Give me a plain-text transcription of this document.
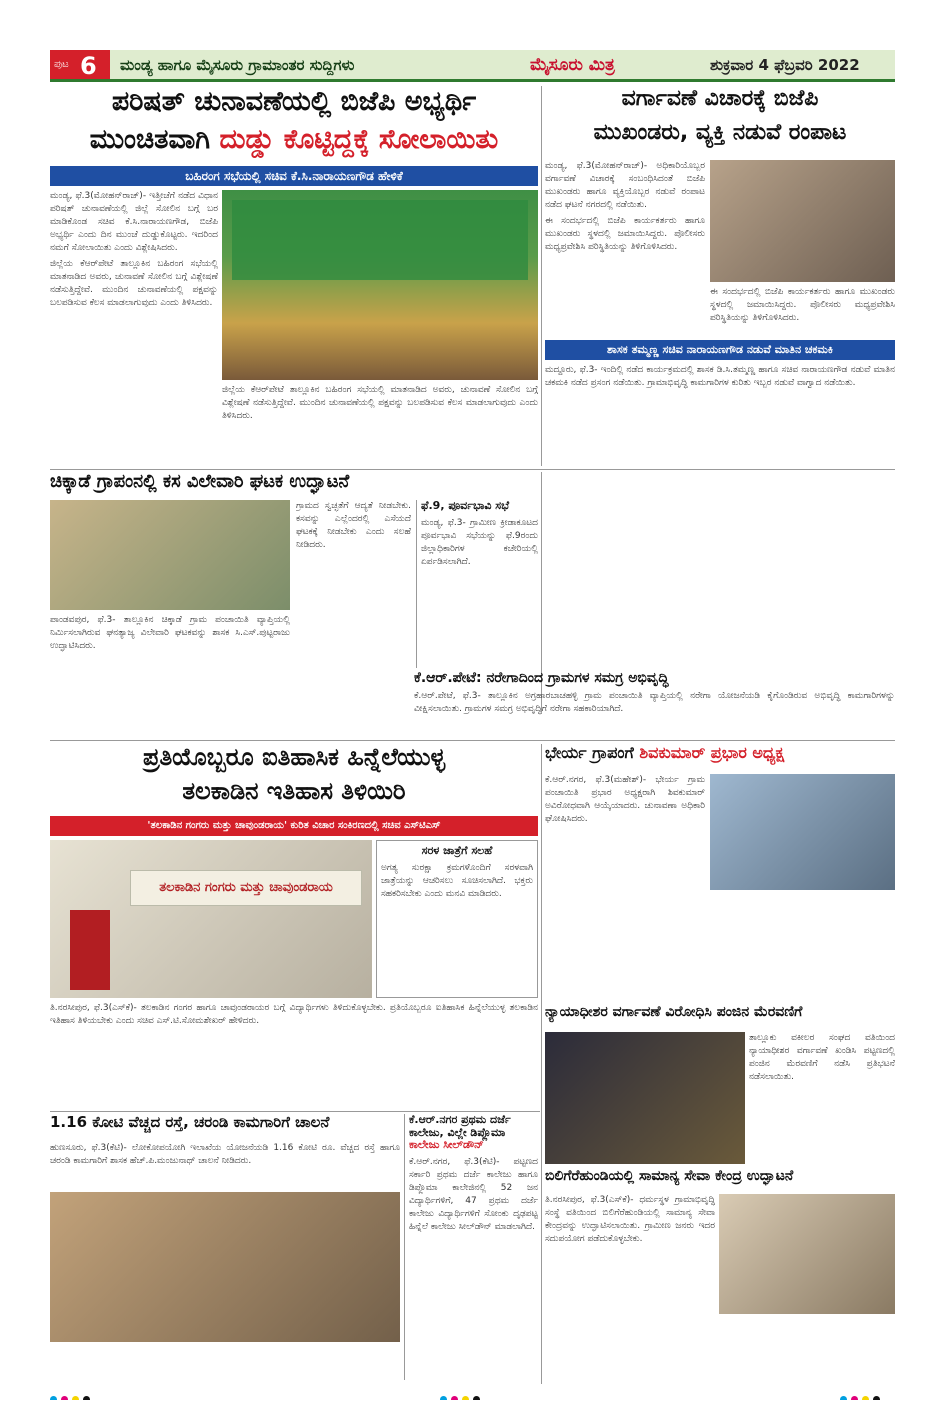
ಪುಟ 6 ಮಂಡ್ಯ ಹಾಗೂ ಮೈಸೂರು ಗ್ರಾಮಾಂತರ ಸುದ್ದಿಗಳು	ಮೈಸೂರು ಮಿತ್ರ	ಶುಕ್ರವಾರ 4 ಫೆಬ್ರವರಿ 2022
ಪರಿಷತ್ ಚುನಾವಣೆಯಲ್ಲಿ ಬಿಜೆಪಿ ಅಭ್ಯರ್ಥಿ
ಮುಂಚಿತವಾಗಿ ದುಡ್ಡು ಕೊಟ್ಟಿದ್ದಕ್ಕೆ ಸೋಲಾಯಿತು
ಬಹಿರಂಗ ಸಭೆಯಲ್ಲಿ ಸಚಿವ ಕೆ.ಸಿ.ನಾರಾಯಣಗೌಡ ಹೇಳಿಕೆ

ಮಂಡ್ಯ, ಫೆ.3(ಮೋಹನ್‌ರಾಜ್)- ಇತ್ತೀಚೆಗೆ ನಡೆದ ವಿಧಾನ ಪರಿಷತ್ ಚುನಾವಣೆಯಲ್ಲಿ ಜಿಲ್ಲೆ ಸೋಲಿನ ಬಗ್ಗೆ ಬರ ಮಾಡಿಕೊಂಡ ಸಚಿವ ಕೆ.ಸಿ.ನಾರಾಯಣಗೌಡ, ಬಿಜೆಪಿ ಅಭ್ಯರ್ಥಿ ಎಂದು ದಿನ ಮುಂಚೆ ದುಡ್ಡುಕೊಟ್ಟರು. ಇದರಿಂದ ನಮಗೆ ಸೋಲಾಯಿತು ಎಂದು ವಿಶ್ಲೇಷಿಸಿದರು.

ಜಿಲ್ಲೆಯ ಕೆಆರ್‌ಪೇಟೆ ತಾಲ್ಲೂಕಿನ ಬಹಿರಂಗ ಸಭೆಯಲ್ಲಿ ಮಾತನಾಡಿದ ಅವರು, ಚುನಾವಣೆ ಸೋಲಿನ ಬಗ್ಗೆ ವಿಶ್ಲೇಷಣೆ ನಡೆಸುತ್ತಿದ್ದೇವೆ. ಮುಂದಿನ ಚುನಾವಣೆಯಲ್ಲಿ ಪಕ್ಷವನ್ನು ಬಲಪಡಿಸುವ ಕೆಲಸ ಮಾಡಲಾಗುವುದು ಎಂದು ತಿಳಿಸಿದರು.

ಜಿಲ್ಲೆಯ ಕೆಆರ್‌ಪೇಟೆ ತಾಲ್ಲೂಕಿನ ಬಹಿರಂಗ ಸಭೆಯಲ್ಲಿ ಮಾತನಾಡಿದ ಅವರು, ಚುನಾವಣೆ ಸೋಲಿನ ಬಗ್ಗೆ ವಿಶ್ಲೇಷಣೆ ನಡೆಸುತ್ತಿದ್ದೇವೆ. ಮುಂದಿನ ಚುನಾವಣೆಯಲ್ಲಿ ಪಕ್ಷವನ್ನು ಬಲಪಡಿಸುವ ಕೆಲಸ ಮಾಡಲಾಗುವುದು ಎಂದು ತಿಳಿಸಿದರು.

ವರ್ಗಾವಣೆ ವಿಚಾರಕ್ಕೆ ಬಿಜೆಪಿ
ಮುಖಂಡರು, ವ್ಯಕ್ತಿ ನಡುವೆ ರಂಪಾಟ

ಮಂಡ್ಯ, ಫೆ.3(ಮೋಹನ್‌ರಾಜ್)- ಅಧಿಕಾರಿಯೊಬ್ಬರ ವರ್ಗಾವಣೆ ವಿಚಾರಕ್ಕೆ ಸಂಬಂಧಿಸಿದಂತೆ ಬಿಜೆಪಿ ಮುಖಂಡರು ಹಾಗೂ ವ್ಯಕ್ತಿಯೊಬ್ಬರ ನಡುವೆ ರಂಪಾಟ ನಡೆದ ಘಟನೆ ನಗರದಲ್ಲಿ ನಡೆಯಿತು.

ಈ ಸಂದರ್ಭದಲ್ಲಿ ಬಿಜೆಪಿ ಕಾರ್ಯಕರ್ತರು ಹಾಗೂ ಮುಖಂಡರು ಸ್ಥಳದಲ್ಲಿ ಜಮಾಯಿಸಿದ್ದರು. ಪೊಲೀಸರು ಮಧ್ಯಪ್ರವೇಶಿಸಿ ಪರಿಸ್ಥಿತಿಯನ್ನು ತಿಳಿಗೊಳಿಸಿದರು.

ಈ ಸಂದರ್ಭದಲ್ಲಿ ಬಿಜೆಪಿ ಕಾರ್ಯಕರ್ತರು ಹಾಗೂ ಮುಖಂಡರು ಸ್ಥಳದಲ್ಲಿ ಜಮಾಯಿಸಿದ್ದರು. ಪೊಲೀಸರು ಮಧ್ಯಪ್ರವೇಶಿಸಿ ಪರಿಸ್ಥಿತಿಯನ್ನು ತಿಳಿಗೊಳಿಸಿದರು.

ಶಾಸಕ ತಮ್ಮಣ್ಣ ಸಚಿವ ನಾರಾಯಣಗೌಡ ನಡುವೆ ಮಾತಿನ ಚಕಮಕಿ

ಮದ್ದೂರು, ಫೆ.3- ಇಂದಿಲ್ಲಿ ನಡೆದ ಕಾರ್ಯಕ್ರಮದಲ್ಲಿ ಶಾಸಕ ಡಿ.ಸಿ.ತಮ್ಮಣ್ಣ ಹಾಗೂ ಸಚಿವ ನಾರಾಯಣಗೌಡ ನಡುವೆ ಮಾತಿನ ಚಕಮಕಿ ನಡೆದ ಪ್ರಸಂಗ ನಡೆಯಿತು. ಗ್ರಾಮಾಭಿವೃದ್ಧಿ ಕಾಮಗಾರಿಗಳ ಕುರಿತು ಇಬ್ಬರ ನಡುವೆ ವಾಗ್ವಾದ ನಡೆಯಿತು.

ಚಿಕ್ಕಾಡೆ ಗ್ರಾಪಂನಲ್ಲಿ ಕಸ ವಿಲೇವಾರಿ ಘಟಕ ಉದ್ಘಾಟನೆ

ಪಾಂಡವಪುರ, ಫೆ.3- ತಾಲ್ಲೂಕಿನ ಚಿಕ್ಕಾಡೆ ಗ್ರಾಮ ಪಂಚಾಯಿತಿ ವ್ಯಾಪ್ತಿಯಲ್ಲಿ ನಿರ್ಮಿಸಲಾಗಿರುವ ಘನತ್ಯಾಜ್ಯ ವಿಲೇವಾರಿ ಘಟಕವನ್ನು ಶಾಸಕ ಸಿ.ಎಸ್.ಪುಟ್ಟರಾಜು ಉದ್ಘಾಟಿಸಿದರು.

ಗ್ರಾಮದ ಸ್ವಚ್ಛತೆಗೆ ಆದ್ಯತೆ ನೀಡಬೇಕು. ಕಸವನ್ನು ಎಲ್ಲೆಂದರಲ್ಲಿ ಎಸೆಯದೆ ಘಟಕಕ್ಕೆ ನೀಡಬೇಕು ಎಂದು ಸಲಹೆ ನೀಡಿದರು.

ಫೆ.9, ಪೂರ್ವಭಾವಿ ಸಭೆ
ಮಂಡ್ಯ, ಫೆ.3- ಗ್ರಾಮೀಣ ಕ್ರೀಡಾಕೂಟದ ಪೂರ್ವಭಾವಿ ಸಭೆಯನ್ನು ಫೆ.9ರಂದು ಜಿಲ್ಲಾಧಿಕಾರಿಗಳ ಕಚೇರಿಯಲ್ಲಿ ಏರ್ಪಡಿಸಲಾಗಿದೆ.
ಕೆ.ಆರ್.ಪೇಟೆ: ನರೇಗಾದಿಂದ ಗ್ರಾಮಗಳ ಸಮಗ್ರ ಅಭಿವೃದ್ಧಿ

ಕೆ.ಆರ್.ಪೇಟೆ, ಫೆ.3- ತಾಲ್ಲೂಕಿನ ಅಗ್ರಹಾರಬಾಚಹಳ್ಳಿ ಗ್ರಾಮ ಪಂಚಾಯಿತಿ ವ್ಯಾಪ್ತಿಯಲ್ಲಿ ನರೇಗಾ ಯೋಜನೆಯಡಿ ಕೈಗೊಂಡಿರುವ ಅಭಿವೃದ್ಧಿ ಕಾಮಗಾರಿಗಳನ್ನು ವೀಕ್ಷಿಸಲಾಯಿತು. ಗ್ರಾಮಗಳ ಸಮಗ್ರ ಅಭಿವೃದ್ಧಿಗೆ ನರೇಗಾ ಸಹಕಾರಿಯಾಗಿದೆ.

ಪ್ರತಿಯೊಬ್ಬರೂ ಐತಿಹಾಸಿಕ ಹಿನ್ನೆಲೆಯುಳ್ಳ
ತಲಕಾಡಿನ ಇತಿಹಾಸ ತಿಳಿಯಿರಿ
'ತಲಕಾಡಿನ ಗಂಗರು ಮತ್ತು ಚಾವುಂಡರಾಯ' ಕುರಿತ ವಿಚಾರ ಸಂಕಿರಣದಲ್ಲಿ ಸಚಿವ ಎಸ್‌ಟಿಎಸ್
ತಲಕಾಡಿನ ಗಂಗರು ಮತ್ತು ಚಾವುಂಡರಾಯ
ಸರಳ ಜಾತ್ರೆಗೆ ಸಲಹೆ
ಅಗತ್ಯ ಸುರಕ್ಷಾ ಕ್ರಮಗಳೊಂದಿಗೆ ಸರಳವಾಗಿ ಜಾತ್ರೆಯನ್ನು ಆಚರಿಸಲು ಸೂಚಿಸಲಾಗಿದೆ. ಭಕ್ತರು ಸಹಕರಿಸಬೇಕು ಎಂದು ಮನವಿ ಮಾಡಿದರು.

ತಿ.ನರಸೀಪುರ, ಫೆ.3(ಎಸ್‌ಕೆ)- ತಲಕಾಡಿನ ಗಂಗರ ಹಾಗೂ ಚಾವುಂಡರಾಯರ ಬಗ್ಗೆ ವಿದ್ಯಾರ್ಥಿಗಳು ತಿಳಿದುಕೊಳ್ಳಬೇಕು. ಪ್ರತಿಯೊಬ್ಬರೂ ಐತಿಹಾಸಿಕ ಹಿನ್ನೆಲೆಯುಳ್ಳ ತಲಕಾಡಿನ ಇತಿಹಾಸ ತಿಳಿಯಬೇಕು ಎಂದು ಸಚಿವ ಎಸ್.ಟಿ.ಸೋಮಶೇಖರ್ ಹೇಳಿದರು.

ಭೇರ್ಯ ಗ್ರಾಪಂಗೆ ಶಿವಕುಮಾರ್ ಪ್ರಭಾರ ಅಧ್ಯಕ್ಷ

ಕೆ.ಆರ್.ನಗರ, ಫೆ.3(ಮಹೇಶ್)- ಭೇರ್ಯ ಗ್ರಾಮ ಪಂಚಾಯಿತಿ ಪ್ರಭಾರ ಅಧ್ಯಕ್ಷರಾಗಿ ಶಿವಕುಮಾರ್ ಅವಿರೋಧವಾಗಿ ಆಯ್ಕೆಯಾದರು. ಚುನಾವಣಾ ಅಧಿಕಾರಿ ಘೋಷಿಸಿದರು.

ನ್ಯಾಯಾಧೀಶರ ವರ್ಗಾವಣೆ ವಿರೋಧಿಸಿ ಪಂಜಿನ ಮೆರವಣಿಗೆ

ತಾಲ್ಲೂಕು ವಕೀಲರ ಸಂಘದ ವತಿಯಿಂದ ನ್ಯಾಯಾಧೀಶರ ವರ್ಗಾವಣೆ ಖಂಡಿಸಿ ಪಟ್ಟಣದಲ್ಲಿ ಪಂಜಿನ ಮೆರವಣಿಗೆ ನಡೆಸಿ ಪ್ರತಿಭಟನೆ ನಡೆಸಲಾಯಿತು.

ಬಿಲಿಗೆರೆಹುಂಡಿಯಲ್ಲಿ ಸಾಮಾನ್ಯ ಸೇವಾ ಕೇಂದ್ರ ಉದ್ಘಾಟನೆ

ತಿ.ನರಸೀಪುರ, ಫೆ.3(ಎಸ್‌ಕೆ)- ಧರ್ಮಸ್ಥಳ ಗ್ರಾಮಾಭಿವೃದ್ಧಿ ಸಂಸ್ಥೆ ವತಿಯಿಂದ ಬಿಲಿಗೆರೆಹುಂಡಿಯಲ್ಲಿ ಸಾಮಾನ್ಯ ಸೇವಾ ಕೇಂದ್ರವನ್ನು ಉದ್ಘಾಟಿಸಲಾಯಿತು. ಗ್ರಾಮೀಣ ಜನರು ಇದರ ಸದುಪಯೋಗ ಪಡೆದುಕೊಳ್ಳಬೇಕು.

1.16 ಕೋಟಿ ವೆಚ್ಚದ ರಸ್ತೆ, ಚರಂಡಿ ಕಾಮಗಾರಿಗೆ ಚಾಲನೆ

ಹುಣಸೂರು, ಫೆ.3(ಕೆಟಿ)- ಲೋಕೋಪಯೋಗಿ ಇಲಾಖೆಯ ಯೋಜನೆಯಡಿ 1.16 ಕೋಟಿ ರೂ. ವೆಚ್ಚದ ರಸ್ತೆ ಹಾಗೂ ಚರಂಡಿ ಕಾಮಗಾರಿಗೆ ಶಾಸಕ ಹೆಚ್.ಪಿ.ಮಂಜುನಾಥ್ ಚಾಲನೆ ನೀಡಿದರು.

ಕೆ.ಆರ್.ನಗರ ಪ್ರಥಮ ದರ್ಜೆ
ಕಾಲೇಜು, ವಿಲ್ಲೇ ಡಿಪ್ಲೊಮಾ
ಕಾಲೇಜು ಸೀಲ್‌ಡೌನ್
ಕೆ.ಆರ್.ನಗರ, ಫೆ.3(ಕೆಟಿ)- ಪಟ್ಟಣದ ಸರ್ಕಾರಿ ಪ್ರಥಮ ದರ್ಜೆ ಕಾಲೇಜು ಹಾಗೂ ಡಿಪ್ಲೊಮಾ ಕಾಲೇಜಿನಲ್ಲಿ 52 ಜನ ವಿದ್ಯಾರ್ಥಿಗಳಿಗೆ, 47 ಪ್ರಥಮ ದರ್ಜೆ ಕಾಲೇಜು ವಿದ್ಯಾರ್ಥಿಗಳಿಗೆ ಸೋಂಕು ದೃಢಪಟ್ಟ ಹಿನ್ನೆಲೆ ಕಾಲೇಜು ಸೀಲ್‌ಡೌನ್ ಮಾಡಲಾಗಿದೆ.
